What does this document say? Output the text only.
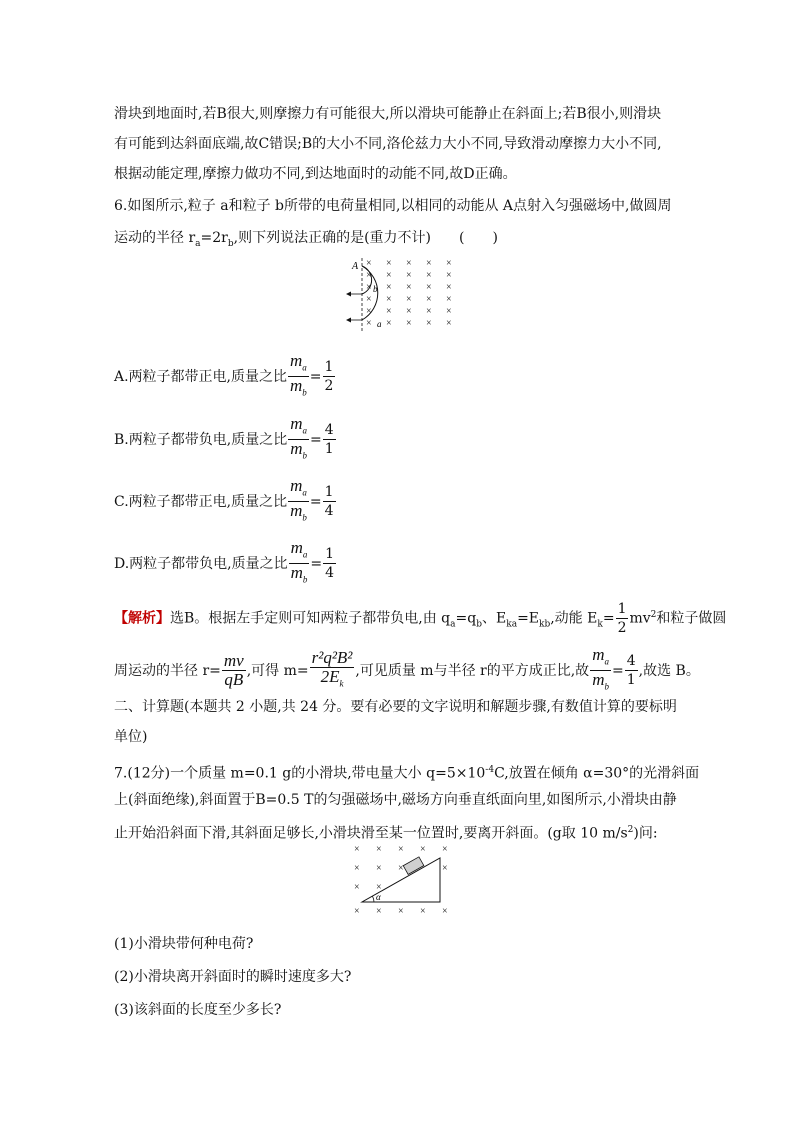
滑块到地面时,若B很大,则摩擦力有可能很大,所以滑块可能静止在斜面上;若B很小,则滑块
有可能到达斜面底端,故C错误;B的大小不同,洛伦兹力大小不同,导致滑动摩擦力大小不同,
根据动能定理,摩擦力做功不同,到达地面时的动能不同,故D正确。
6.如图所示,粒子 a和粒子 b所带的电荷量相同,以相同的动能从 A点射入匀强磁场中,做圆周
运动的半径 $r_a=2r_b$,则下列说法正确的是(重力不计)　　(　　)
× × × × ×
× × × × ×
× × × × ×
× × × × ×
× × × × ×
× × × × ×
A
b
a
A.两粒子都带正电,质量之比 $\frac{m_a}{m_b} = \frac{1}{2}$
B.两粒子都带负电,质量之比 $\frac{m_a}{m_b} = \frac{4}{1}$
C.两粒子都带正电,质量之比 $\frac{m_a}{m_b} = \frac{1}{4}$
D.两粒子都带负电,质量之比 $\frac{m_a}{m_b} = \frac{1}{4}$
【解析】选B。根据左手定则可知两粒子都带负电,由 $q_a=q_b$、$E_{ka}=E_{kb}$,动能 $E_k= \frac{1}{2} mv^2$和粒子做圆
周运动的半径 $r= \frac{mv}{qB}$ ,可得 $m= \frac{\text{r²q²B²}}{2E_k}$ ,可见质量 m与半径 r的平方成正比,故 $\frac{m_a}{m_b} = \frac{4}{1}$ ,故选 B。
二、计算题(本题共 2 小题,共 24 分。要有必要的文字说明和解题步骤,有数值计算的要标明
单位)
7.(12分)一个质量 m=0.1 g的小滑块,带电量大小 $q=5\times 10^{-4}C$,放置在倾角 α=30°的光滑斜面
上(斜面绝缘),斜面置于B=0.5 T的匀强磁场中,磁场方向垂直纸面向里,如图所示,小滑块由静
止开始沿斜面下滑,其斜面足够长,小滑块滑至某一位置时,要离开斜面。(g取 10 $m/s^2$)问:
× × × × ×
× × ×	×
× ×
× × × × ×
α
(1)小滑块带何种电荷?
(2)小滑块离开斜面时的瞬时速度多大?
(3)该斜面的长度至少多长?
